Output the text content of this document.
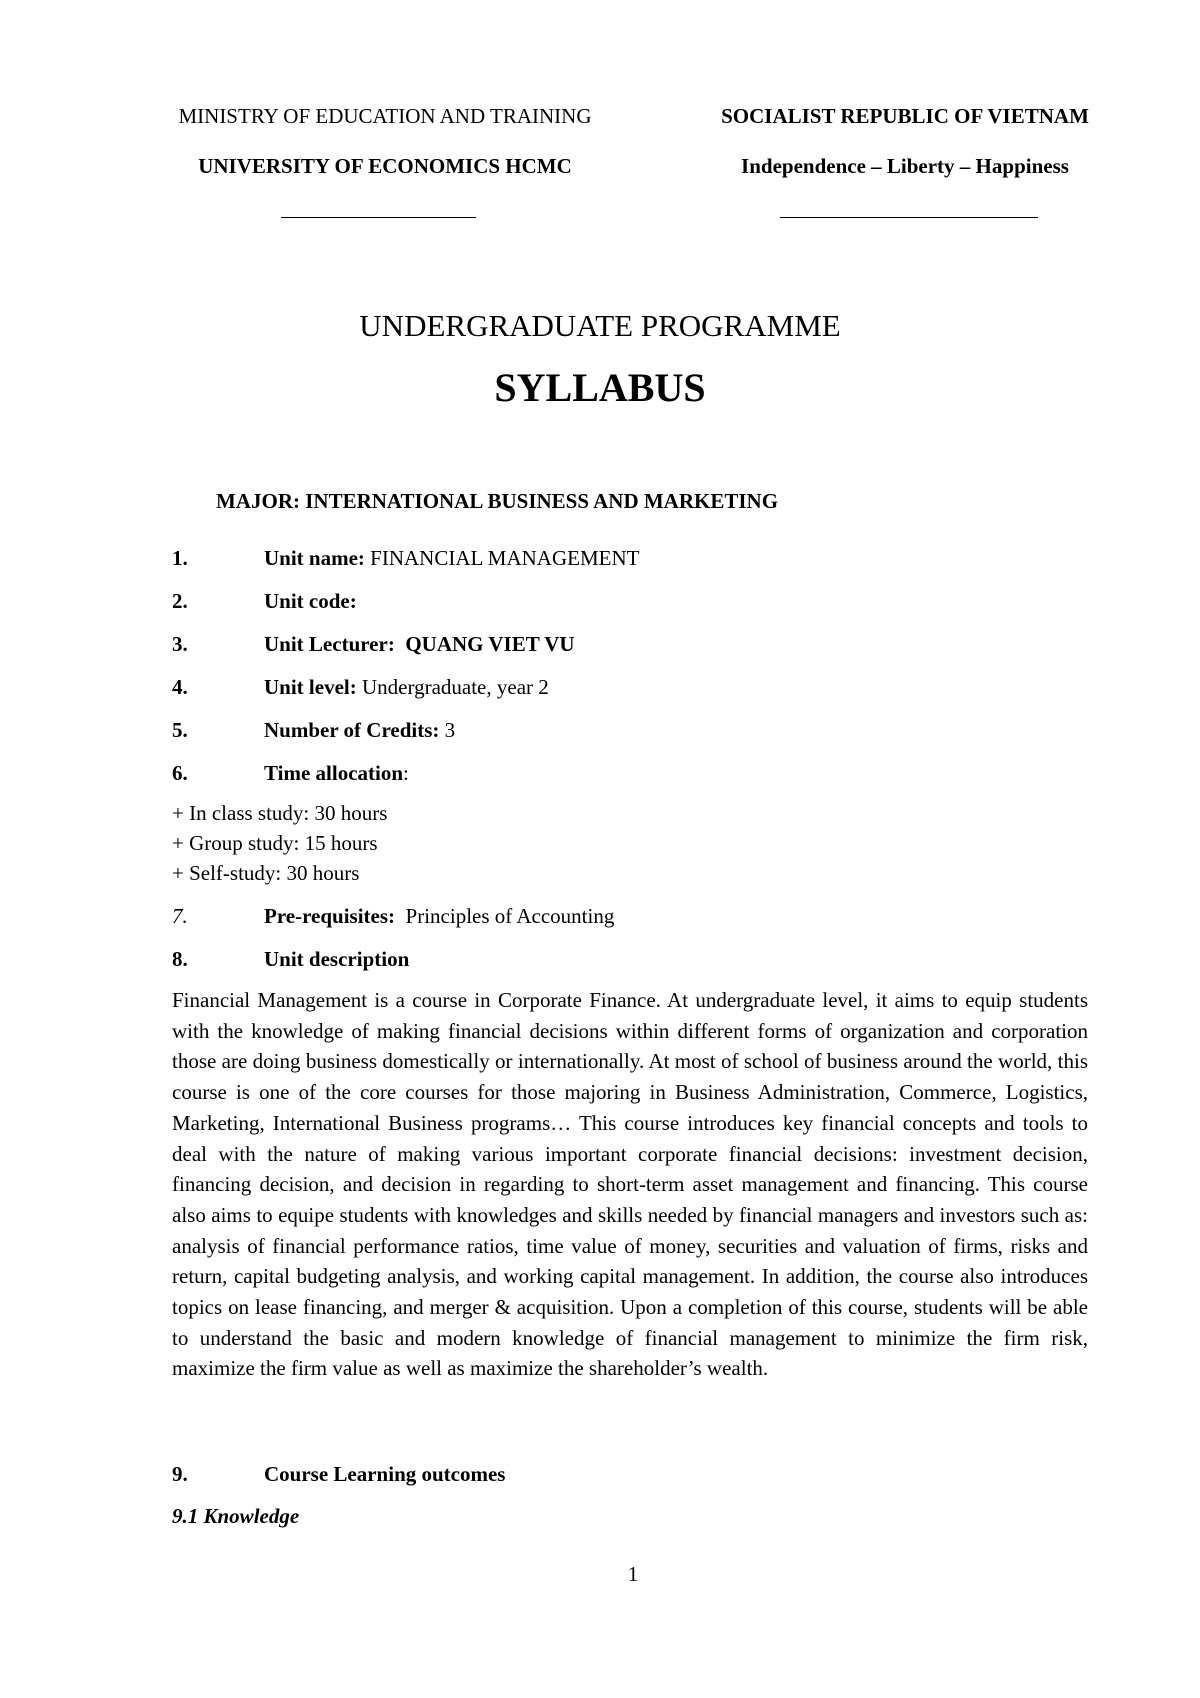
MINISTRY OF EDUCATION AND TRAINING
UNIVERSITY OF ECONOMICS HCMC
SOCIALIST REPUBLIC OF VIETNAM
Independence – Liberty – Happiness
UNDERGRADUATE PROGRAMME
SYLLABUS
MAJOR: INTERNATIONAL BUSINESS AND MARKETING
1.	Unit name: FINANCIAL MANAGEMENT
2.	Unit code:
3.	Unit Lecturer:  QUANG VIET VU
4.	Unit level: Undergraduate, year 2
5.	Number of Credits: 3
6.	Time allocation:
+ In class study: 30 hours
+ Group study: 15 hours
+ Self-study: 30 hours
7.	Pre-requisites:  Principles of Accounting
8.	Unit description

Financial Management is a course in Corporate Finance. At undergraduate level, it aims to equip students with the knowledge of making financial decisions within different forms of organization and corporation those are doing business domestically or internationally. At most of school of business around the world, this course is one of the core courses for those majoring in Business Administration, Commerce, Logistics, Marketing, International Business programs… This course introduces key financial concepts and tools to deal with the nature of making various important corporate financial decisions: investment decision, financing decision, and decision in regarding to short-term asset management and financing. This course also aims to equipe students with knowledges and skills needed by financial managers and investors such as: analysis of financial performance ratios, time value of money, securities and valuation of firms, risks and return, capital budgeting analysis, and working capital management. In addition, the course also introduces topics on lease financing, and merger & acquisition. Upon a completion of this course, students will be able to understand the basic and modern knowledge of financial management to minimize the firm risk, maximize the firm value as well as maximize the shareholder’s wealth.

9.	Course Learning outcomes
9.1 Knowledge
1
